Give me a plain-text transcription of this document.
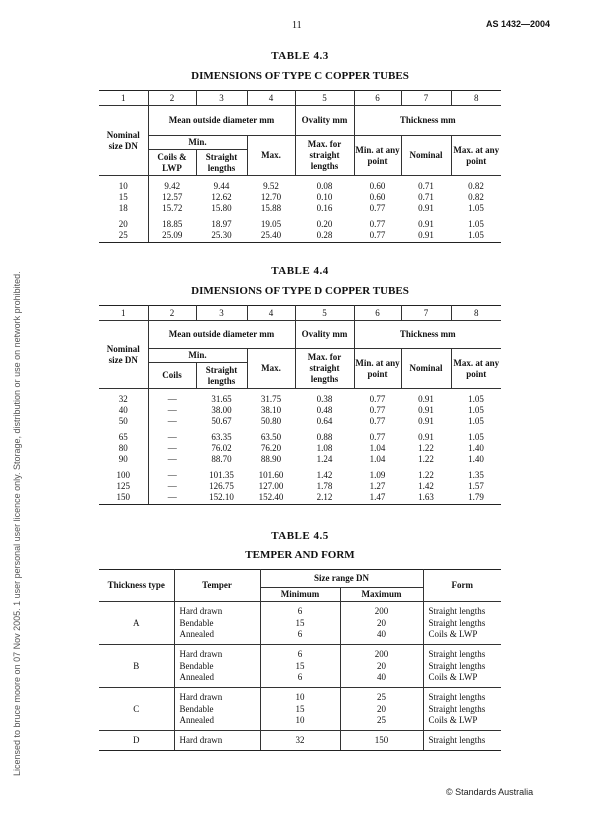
11	AS 1432—2004
Licensed to bruce moore on 07 Nov 2005. 1 user personal user licence only. Storage, distribution or use on network prohibited.
TABLE 4.3
DIMENSIONS OF TYPE C COPPER TUBES
1	2	3	4	5	6	7	8
Nominal size DN	Mean outside diameter mm			Ovality mm	Thickness mm		
	Min.		Max.	Max. for straight lengths	Min. at any point	Nominal	Max. at any point
	Coils & LWP	Straight lengths					

10	9.42	9.44	9.52	0.08	0.60	0.71	0.82
15	12.57	12.62	12.70	0.10	0.60	0.71	0.82
18	15.72	15.80	15.88	0.16	0.77	0.91	1.05

20	18.85	18.97	19.05	0.20	0.77	0.91	1.05
25	25.09	25.30	25.40	0.28	0.77	0.91	1.05
TABLE 4.4
DIMENSIONS OF TYPE D COPPER TUBES
1	2	3	4	5	6	7	8
Nominal size DN	Mean outside diameter mm			Ovality mm	Thickness mm		
	Min.		Max.	Max. for straight lengths	Min. at any point	Nominal	Max. at any point
	Coils	Straight lengths					

32	—	31.65	31.75	0.38	0.77	0.91	1.05
40	—	38.00	38.10	0.48	0.77	0.91	1.05
50	—	50.67	50.80	0.64	0.77	0.91	1.05

65	—	63.35	63.50	0.88	0.77	0.91	1.05
80	—	76.02	76.20	1.08	1.04	1.22	1.40
90	—	88.70	88.90	1.24	1.04	1.22	1.40

100	—	101.35	101.60	1.42	1.09	1.22	1.35
125	—	126.75	127.00	1.78	1.27	1.42	1.57
150	—	152.10	152.40	2.12	1.47	1.63	1.79
TABLE 4.5
TEMPER AND FORM
Thickness type	Temper	Size range DN		Form
		Minimum	Maximum	
A	Hard drawn	6	200	Straight lengths
	Bendable	15	20	Straight lengths
	Annealed	6	40	Coils & LWP
B	Hard drawn	6	200	Straight lengths
	Bendable	15	20	Straight lengths
	Annealed	6	40	Coils & LWP
C	Hard drawn	10	25	Straight lengths
	Bendable	15	20	Straight lengths
	Annealed	10	25	Coils & LWP
D	Hard drawn	32	150	Straight lengths
© Standards Australia
